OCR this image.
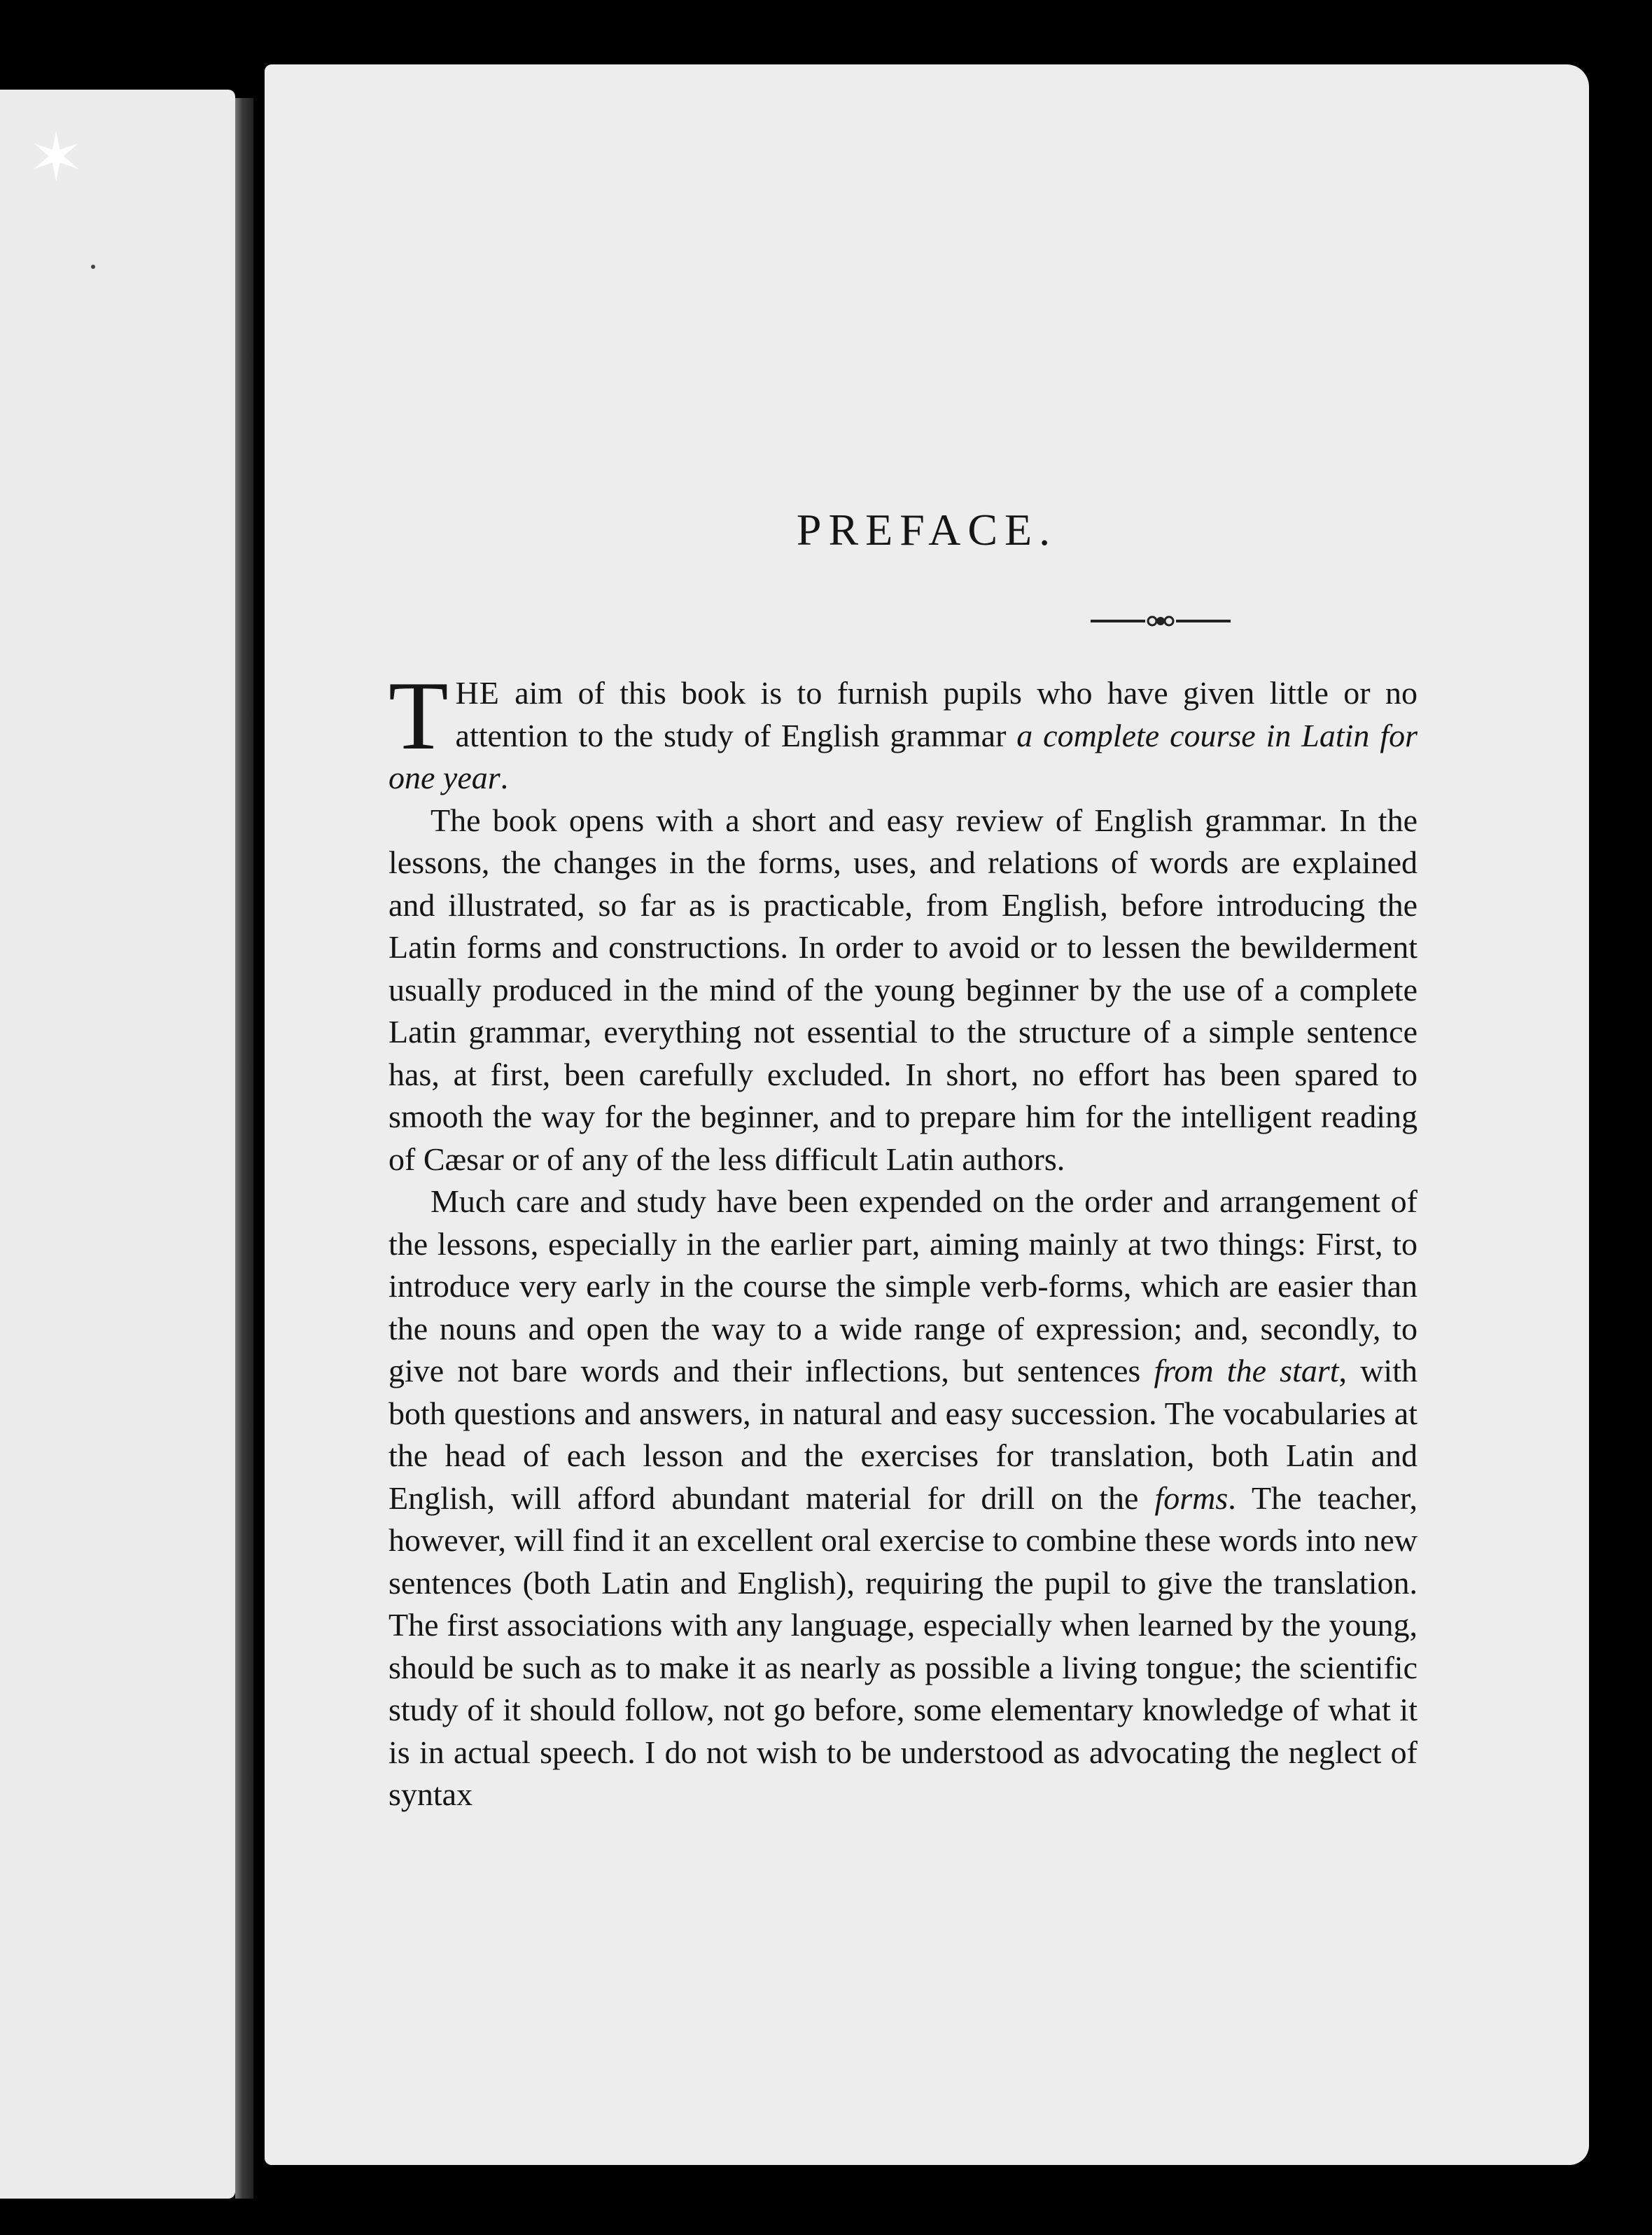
✶
PREFACE.

THE aim of this book is to furnish pupils who have given little or no attention to the study of English grammar a complete course in Latin for one year.

The book opens with a short and easy review of English grammar. In the lessons, the changes in the forms, uses, and relations of words are explained and illustrated, so far as is practicable, from English, before introducing the Latin forms and constructions. In order to avoid or to lessen the bewilderment usually produced in the mind of the young beginner by the use of a complete Latin grammar, everything not essential to the structure of a simple sentence has, at first, been carefully excluded. In short, no effort has been spared to smooth the way for the beginner, and to prepare him for the intelligent reading of Cæsar or of any of the less difficult Latin authors.

Much care and study have been expended on the order and arrangement of the lessons, especially in the earlier part, aiming mainly at two things: First, to introduce very early in the course the simple verb-forms, which are easier than the nouns and open the way to a wide range of expression; and, secondly, to give not bare words and their inflections, but sentences from the start, with both questions and answers, in natural and easy succession. The vocabularies at the head of each lesson and the exercises for translation, both Latin and English, will afford abundant material for drill on the forms. The teacher, however, will find it an excellent oral exercise to combine these words into new sentences (both Latin and English), requiring the pupil to give the translation. The first associations with any language, especially when learned by the young, should be such as to make it as nearly as possible a living tongue; the scientific study of it should follow, not go before, some elementary knowledge of what it is in actual speech. I do not wish to be understood as advocating the neglect of syntax
